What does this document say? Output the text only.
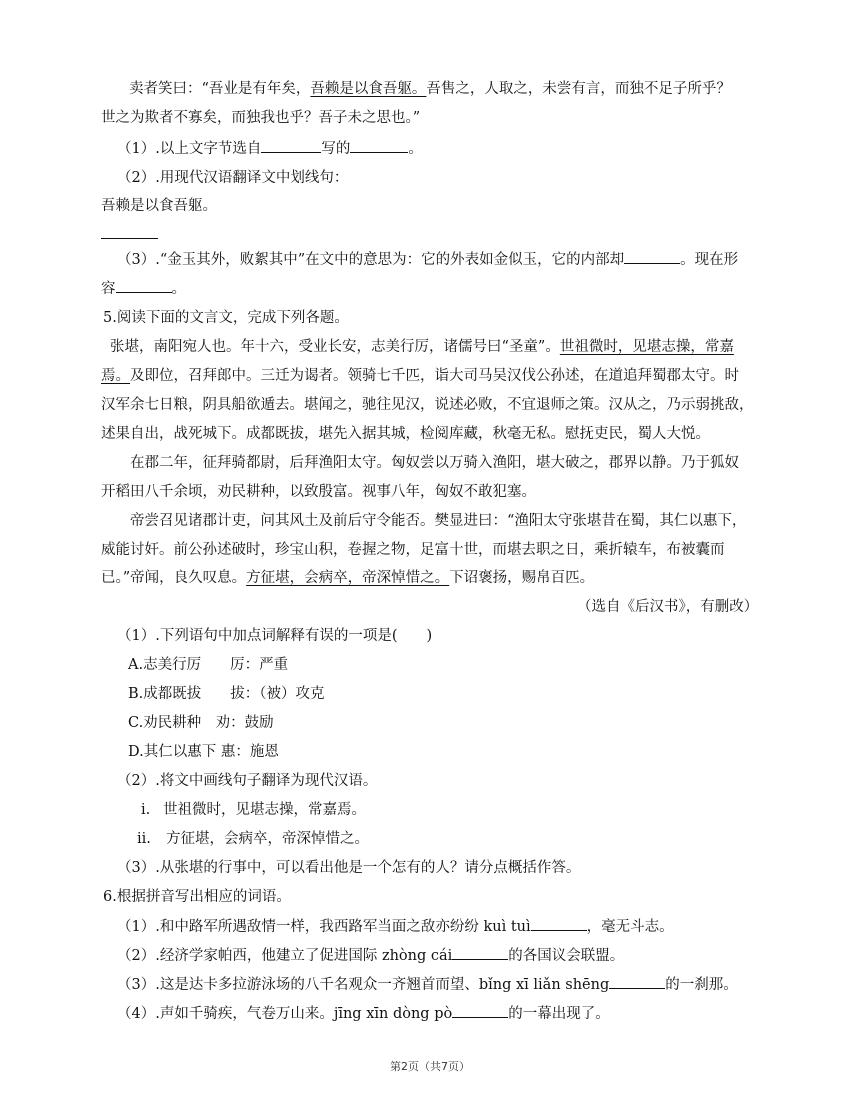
卖者笑曰：“吾业是有年矣，吾赖是以食吾躯。吾售之，人取之，未尝有言，而独不足子所乎？
世之为欺者不寡矣，而独我也乎？吾子未之思也。”
（1）.以上文字节选自	写的	。
（2）.用现代汉语翻译文中划线句：
吾赖是以食吾躯。
（3）.“金玉其外，败絮其中”在文中的意思为：它的外表如金似玉，它的内部却	。现在形
容	。
5.阅读下面的文言文，完成下列各题。
张堪，南阳宛人也。年十六，受业长安，志美行厉，诸儒号曰“圣童”。世祖微时，见堪志操，常嘉
焉。及即位，召拜郎中。三迁为谒者。领骑七千匹，诣大司马吴汉伐公孙述，在道追拜蜀郡太守。时
汉军余七日粮，阴具船欲遁去。堪闻之，驰往见汉，说述必败，不宜退师之策。汉从之，乃示弱挑敌，
述果自出，战死城下。成都既拔，堪先入据其城，检阅库藏，秋毫无私。慰抚吏民，蜀人大悦。
在郡二年，征拜骑都尉，后拜渔阳太守。匈奴尝以万骑入渔阳，堪大破之，郡界以静。乃于狐奴
开稻田八千余顷，劝民耕种，以致殷富。视事八年，匈奴不敢犯塞。
帝尝召见诸郡计吏，问其风土及前后守令能否。樊显进曰：“渔阳太守张堪昔在蜀，其仁以惠下，
威能讨奸。前公孙述破时，珍宝山积，卷握之物，足富十世，而堪去职之日，乘折辕车，布被囊而
已。”帝闻，良久叹息。方征堪，会病卒，帝深悼惜之。下诏褒扬，赐帛百匹。
（选自《后汉书》，有删改）
（1）.下列语句中加点词解释有误的一项是(　　)
A.志美行厉　　厉：严重
B.成都既拔　　拔：（被）攻克
C.劝民耕种　劝：鼓励
D.其仁以惠下 惠：施恩
（2）.将文中画线句子翻译为现代汉语。
i. 世祖微时，见堪志操，常嘉焉。
ii. 方征堪，会病卒，帝深悼惜之。
（3）.从张堪的行事中，可以看出他是一个怎有的人？请分点概括作答。
6.根据拼音写出相应的词语。
（1）.和中路军所遇敌情一样，我西路军当面之敌亦纷纷 kuì tuì	，毫无斗志。
（2）.经济学家帕西，他建立了促进国际 zhòng cái	的各国议会联盟。
（3）.这是达卡多拉游泳场的八千名观众一齐翘首而望、bǐng xī liǎn shēng	的一刹那。
（4）.声如千骑疾，气卷万山来。jīng xīn dòng pò	的一幕出现了。
第2页（共7页）
